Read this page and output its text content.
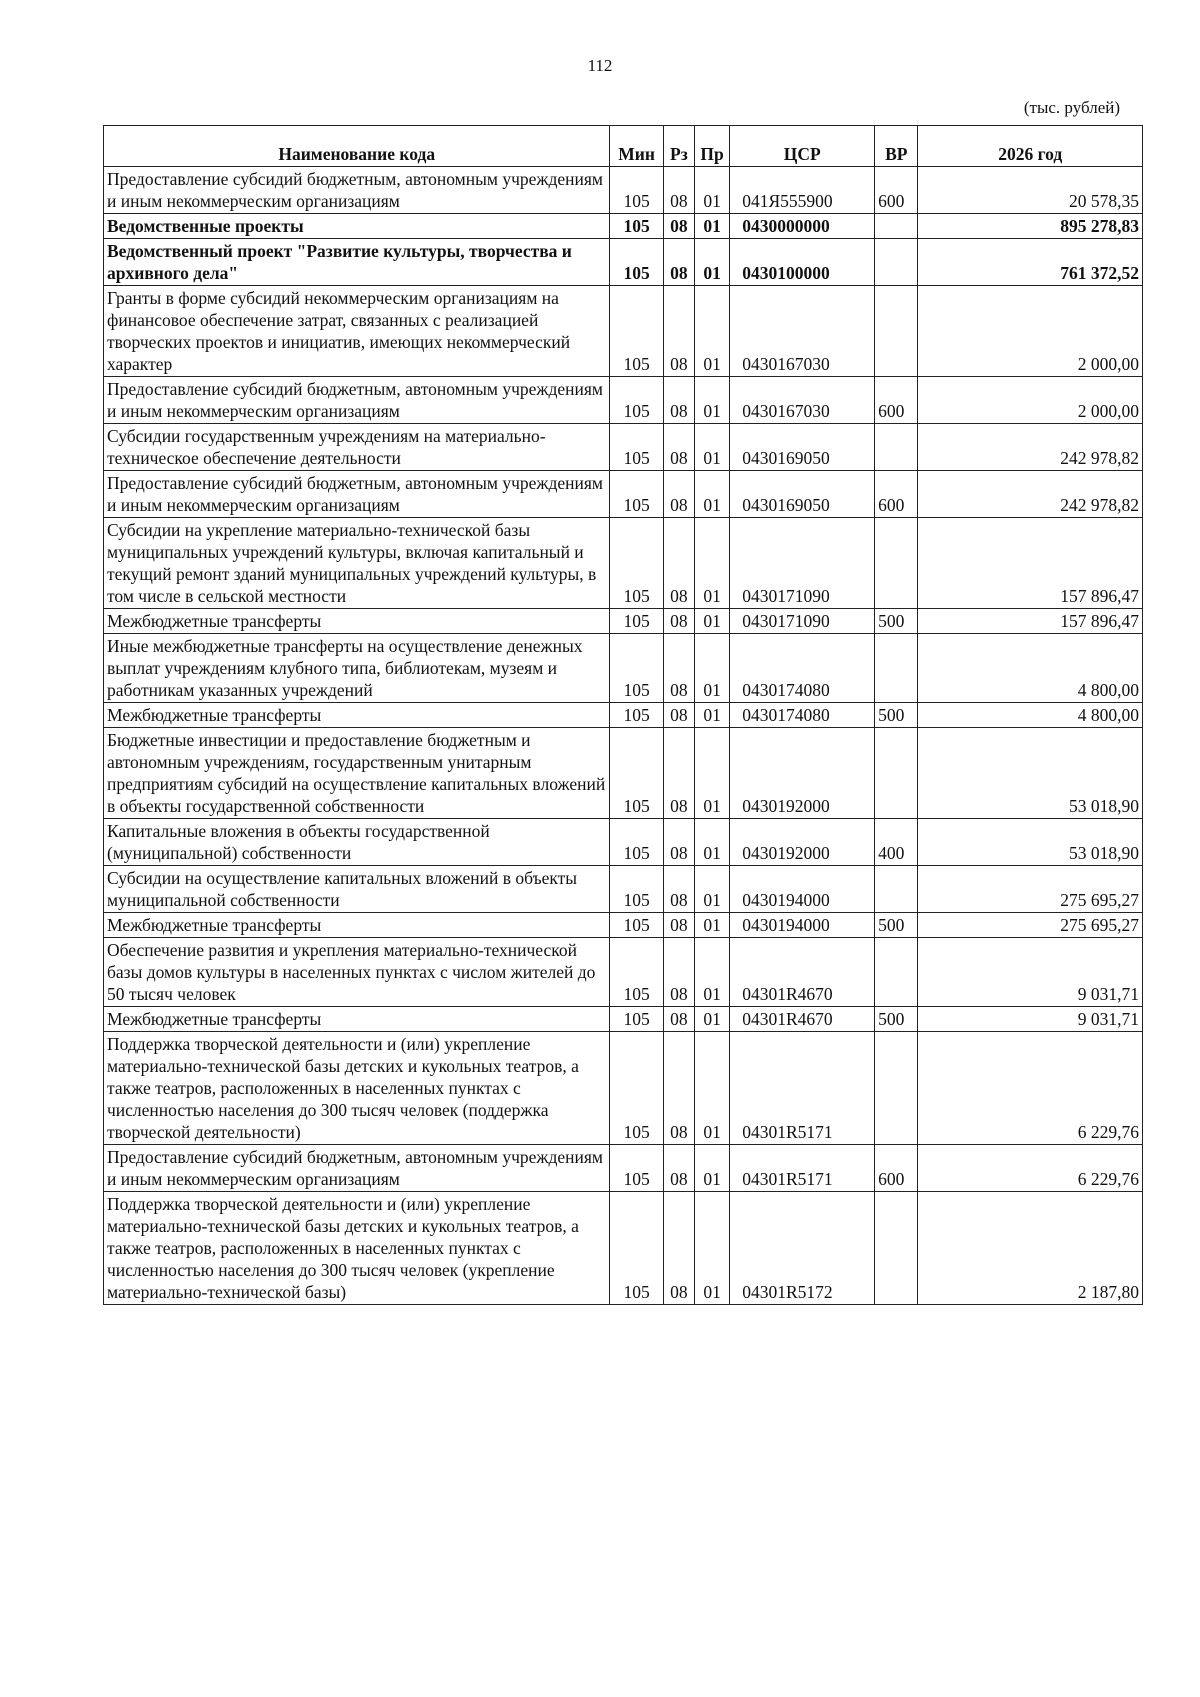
112
(тыс. рублей)
Наименование кода	Мин	Рз	Пр	ЦСР	ВР	2026 год
Предоставление субсидий бюджетным, автономным учреждениям и иным некоммерческим организациям	105	08	01	041Я555900	600	20 578,35
Ведомственные проекты	105	08	01	0430000000		895 278,83
Ведомственный проект "Развитие культуры, творчества и архивного дела"	105	08	01	0430100000		761 372,52
Гранты в форме субсидий некоммерческим организациям на финансовое обеспечение затрат, связанных с реализацией творческих проектов и инициатив, имеющих некоммерческий характер	105	08	01	0430167030		2 000,00
Предоставление субсидий бюджетным, автономным учреждениям и иным некоммерческим организациям	105	08	01	0430167030	600	2 000,00
Субсидии государственным учреждениям на материально-техническое обеспечение деятельности	105	08	01	0430169050		242 978,82
Предоставление субсидий бюджетным, автономным учреждениям и иным некоммерческим организациям	105	08	01	0430169050	600	242 978,82
Субсидии на укрепление материально-технической базы муниципальных учреждений культуры, включая капитальный и текущий ремонт зданий муниципальных учреждений культуры, в том числе в сельской местности	105	08	01	0430171090		157 896,47
Межбюджетные трансферты	105	08	01	0430171090	500	157 896,47
Иные межбюджетные трансферты на осуществление денежных выплат учреждениям клубного типа, библиотекам, музеям и работникам указанных учреждений	105	08	01	0430174080		4 800,00
Межбюджетные трансферты	105	08	01	0430174080	500	4 800,00
Бюджетные инвестиции и предоставление бюджетным и автономным учреждениям, государственным унитарным предприятиям субсидий на осуществление капитальных вложений в объекты государственной собственности	105	08	01	0430192000		53 018,90
Капитальные вложения в объекты государственной (муниципальной) собственности	105	08	01	0430192000	400	53 018,90
Субсидии на осуществление капитальных вложений в объекты муниципальной собственности	105	08	01	0430194000		275 695,27
Межбюджетные трансферты	105	08	01	0430194000	500	275 695,27
Обеспечение развития и укрепления материально-технической базы домов культуры в населенных пунктах с числом жителей до 50 тысяч человек	105	08	01	04301R4670		9 031,71
Межбюджетные трансферты	105	08	01	04301R4670	500	9 031,71
Поддержка творческой деятельности и (или) укрепление материально-технической базы детских и кукольных театров, а также театров, расположенных в населенных пунктах с численностью населения до 300 тысяч человек (поддержка творческой деятельности)	105	08	01	04301R5171		6 229,76
Предоставление субсидий бюджетным, автономным учреждениям и иным некоммерческим организациям	105	08	01	04301R5171	600	6 229,76
Поддержка творческой деятельности и (или) укрепление материально-технической базы детских и кукольных театров, а также театров, расположенных в населенных пунктах с численностью населения до 300 тысяч человек (укрепление материально-технической базы)	105	08	01	04301R5172		2 187,80
